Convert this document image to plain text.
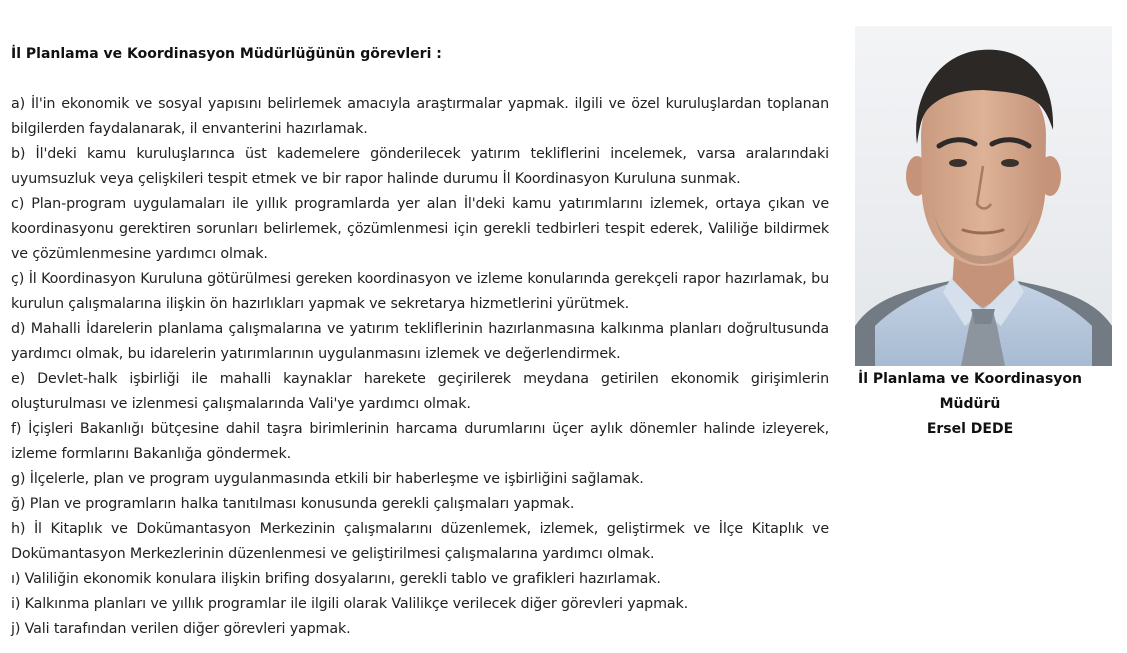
İl Planlama ve Koordinasyon Müdürlüğünün görevleri :

a) İl'in ekonomik ve sosyal yapısını belirlemek amacıyla araştırmalar yapmak. ilgili ve özel kuruluşlardan toplanan bilgilerden faydalanarak, il envanterini hazırlamak.

b) İl'deki kamu kuruluşlarınca üst kademelere gönderilecek yatırım tekliflerini incelemek, varsa aralarındaki uyumsuzluk veya çelişkileri tespit etmek ve bir rapor halinde durumu İl Koordinasyon Kuruluna sunmak.

c) Plan-program uygulamaları ile yıllık programlarda yer alan İl'deki kamu yatırımlarını izlemek, ortaya çıkan ve koordinasyonu gerektiren sorunları belirlemek, çözümlenmesi için gerekli tedbirleri tespit ederek, Valiliğe bildirmek ve çözümlenmesine yardımcı olmak.

ç) İl Koordinasyon Kuruluna götürülmesi gereken koordinasyon ve izleme konularında gerekçeli rapor hazırlamak, bu kurulun çalışmalarına ilişkin ön hazırlıkları yapmak ve sekretarya hizmetlerini yürütmek.

d) Mahalli İdarelerin planlama çalışmalarına ve yatırım tekliflerinin hazırlanmasına kalkınma planları doğrultusunda yardımcı olmak, bu idarelerin yatırımlarının uygulanmasını izlemek ve değerlendirmek.

e) Devlet-halk işbirliği ile mahalli kaynaklar harekete geçirilerek meydana getirilen ekonomik girişimlerin oluşturulması ve izlenmesi çalışmalarında Vali'ye yardımcı olmak.

f) İçişleri Bakanlığı bütçesine dahil taşra birimlerinin harcama durumlarını üçer aylık dönemler halinde izleyerek, izleme formlarını Bakanlığa göndermek.

g) İlçelerle, plan ve program uygulanmasında etkili bir haberleşme ve işbirliğini sağlamak.

ğ) Plan ve programların halka tanıtılması konusunda gerekli çalışmaları yapmak.

h) İl Kitaplık ve Dokümantasyon Merkezinin çalışmalarını düzenlemek, izlemek, geliştirmek ve İlçe Kitaplık ve Dokümantasyon Merkezlerinin düzenlenmesi ve geliştirilmesi çalışmalarına yardımcı olmak.

ı) Valiliğin ekonomik konulara ilişkin brifing dosyalarını, gerekli tablo ve grafikleri hazırlamak.

i) Kalkınma planları ve yıllık programlar ile ilgili olarak Valilikçe verilecek diğer görevleri yapmak.

j) Vali tarafından verilen diğer görevleri yapmak.

İl Planlama ve Koordinasyon
Müdürü
Ersel DEDE
